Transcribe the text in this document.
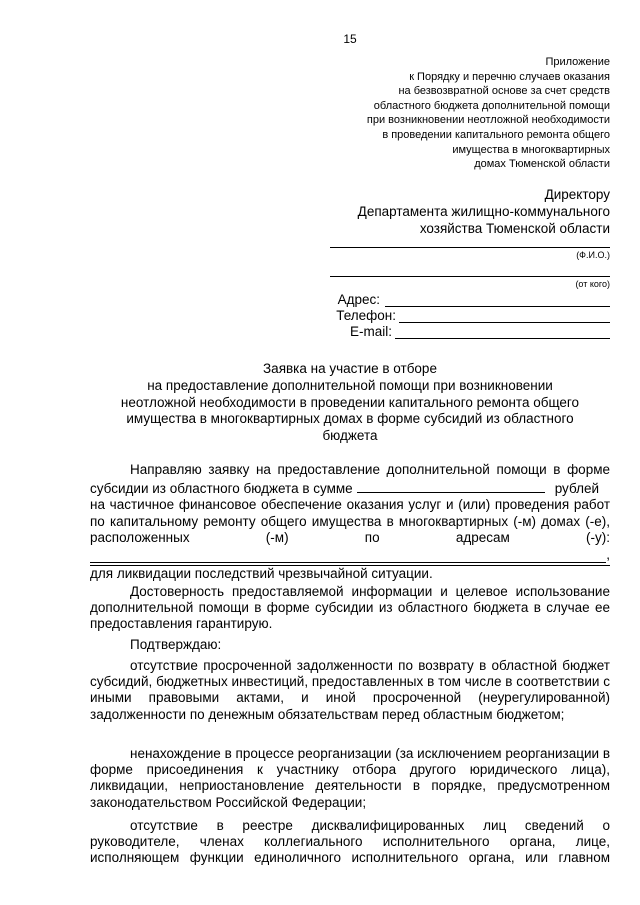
15
Приложение
к Порядку и перечню случаев оказания
на безвозвратной основе за счет средств
областного бюджета дополнительной помощи
при возникновении неотложной необходимости
в проведении капитального ремонта общего
имущества в многоквартирных
домах Тюменской области
Директору
Департамента жилищно-коммунального
хозяйства Тюменской области
(Ф.И.О.)
(от кого)
Адрес:
Телефон:
E-mail:
Заявка на участие в отборе
на предоставление дополнительной помощи при возникновении
неотложной необходимости в проведении капитального ремонта общего
имущества в многоквартирных домах в форме субсидий из областного
бюджета

Направляю заявку на предоставление дополнительной помощи в форме

субсидии из областного бюджета в сумме	рублей

на частичное финансовое обеспечение оказания услуг и (или) проведения работ по капитальному ремонту общего имущества в многоквартирных (-м) домах (-е), расположенных (-м) по адресам (-у):

,

для ликвидации последствий чрезвычайной ситуации.

Достоверность предоставляемой информации и целевое использование дополнительной помощи в форме субсидии из областного бюджета в случае ее предоставления гарантирую.

Подтверждаю:

отсутствие просроченной задолженности по возврату в областной бюджет субсидий, бюджетных инвестиций, предоставленных в том числе в соответствии с иными правовыми актами, и иной просроченной (неурегулированной) задолженности по денежным обязательствам перед областным бюджетом;

ненахождение в процессе реорганизации (за исключением реорганизации в форме присоединения к участнику отбора другого юридического лица), ликвидации, неприостановление деятельности в порядке, предусмотренном законодательством Российской Федерации;

отсутствие в реестре дисквалифицированных лиц сведений о руководителе, членах коллегиального исполнительного органа, лице, исполняющем функции единоличного исполнительного органа, или главном
